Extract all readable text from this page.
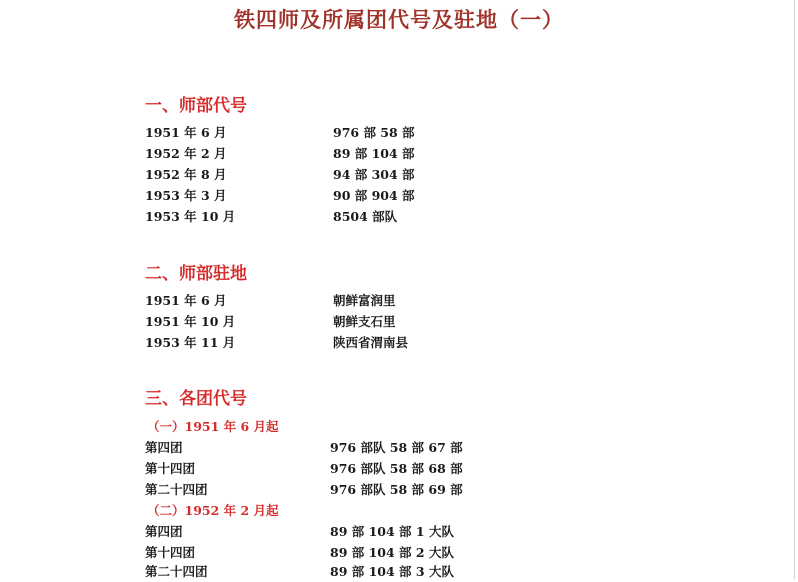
铁四师及所属团代号及驻地（一）
一、师部代号
1951 年 6 月	976 部 58 部
1952 年 2 月	89 部 104 部
1952 年 8 月	94 部 304 部
1953 年 3 月	90 部 904 部
1953 年 10 月	8504 部队
二、师部驻地
1951 年 6 月	朝鲜富润里
1951 年 10 月	朝鲜支石里
1953 年 11 月	陕西省渭南县
三、各团代号
（一）1951 年 6 月起
第四团	976 部队 58 部 67 部
第十四团	976 部队 58 部 68 部
第二十四团	976 部队 58 部 69 部
（二）1952 年 2 月起
第四团	89 部 104 部 1 大队
第十四团	89 部 104 部 2 大队
第二十四团	89 部 104 部 3 大队
